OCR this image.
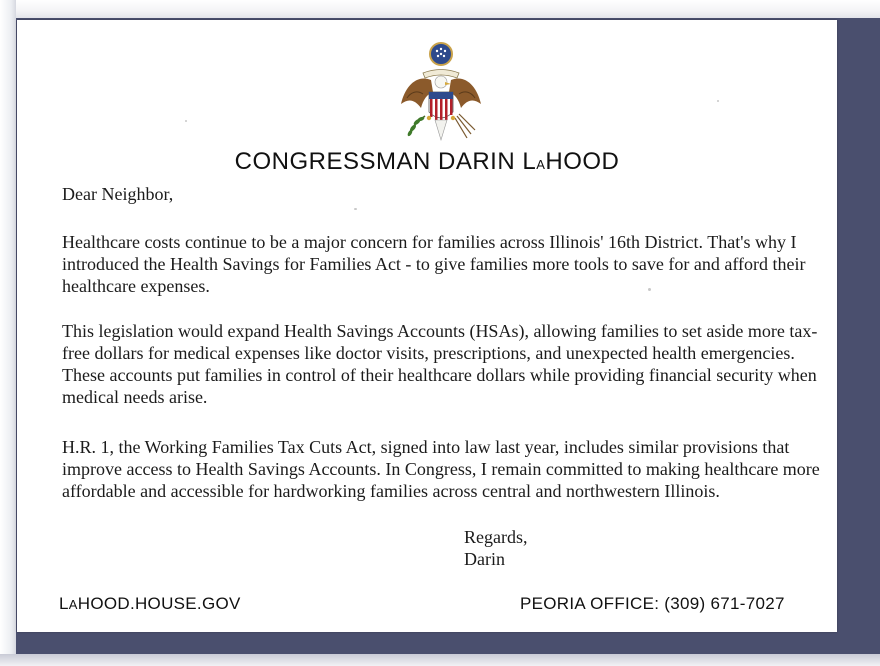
CONGRESSMAN DARIN LAHOOD

Dear Neighbor,

Healthcare costs continue to be a major concern for families across Illinois' 16th District. That's why I introduced the Health Savings for Families Act - to give families more tools to save for and afford their healthcare expenses.

This legislation would expand Health Savings Accounts (HSAs), allowing families to set aside more tax-free dollars for medical expenses like doctor visits, prescriptions, and unexpected health emergencies. These accounts put families in control of their healthcare dollars while providing financial security when medical needs arise.

H.R. 1, the Working Families Tax Cuts Act, signed into law last year, includes similar provisions that improve access to Health Savings Accounts. In Congress, I remain committed to making healthcare more affordable and accessible for hardworking families across central and northwestern Illinois.

Regards,
Darin
LAHOOD.HOUSE.GOV	PEORIA OFFICE: (309) 671-7027
